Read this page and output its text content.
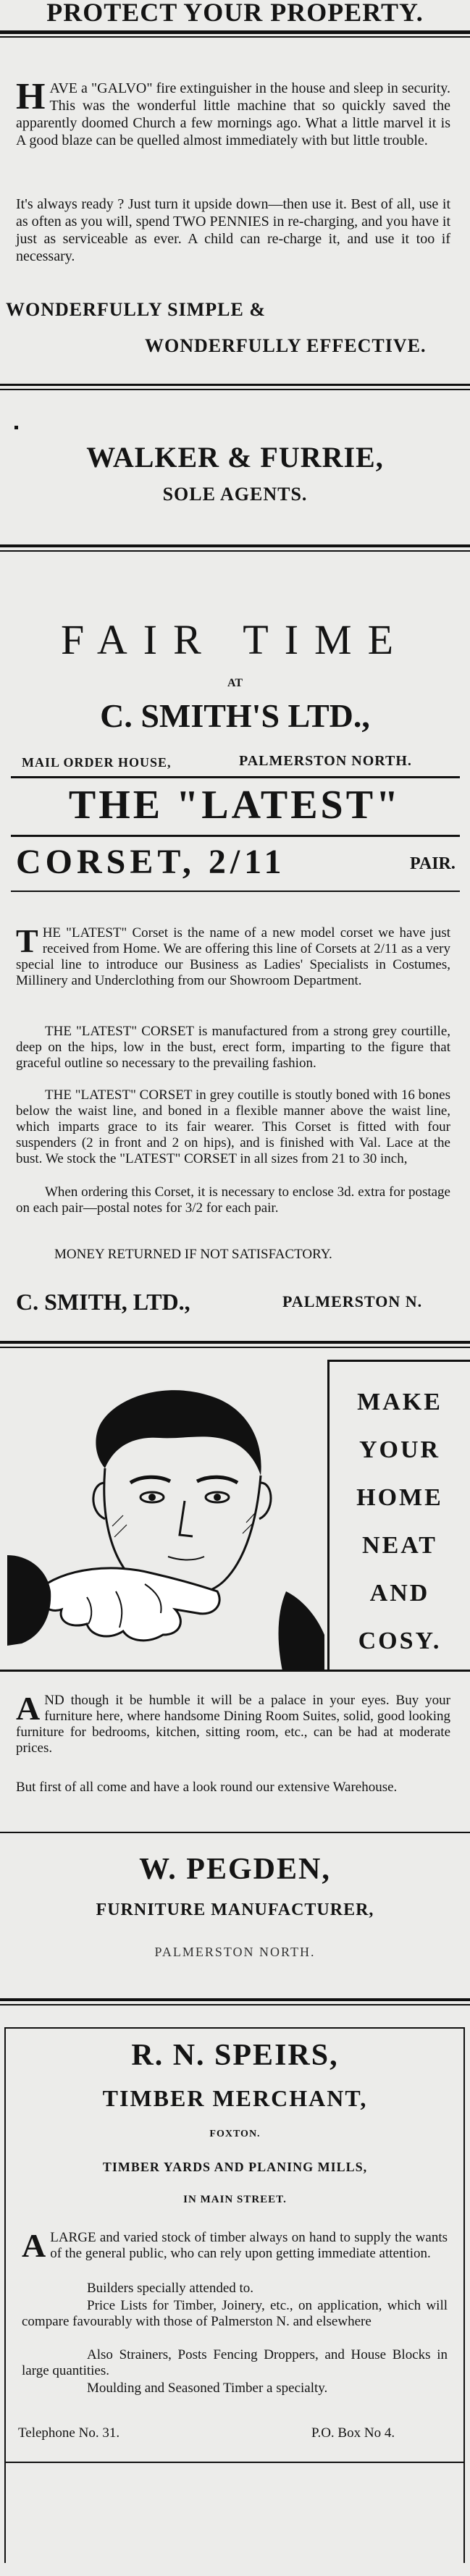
PROTECT YOUR PROPERTY.
HAVE a "GALVO" fire extinguisher in the house and sleep in security. This was the wonderful little machine that so quickly saved the apparently doomed Church a few mornings ago. What a little marvel it is A good blaze can be quelled almost immediately with but little trouble.
It's always ready ? Just turn it upside down—then use it. Best of all, use it as often as you will, spend TWO PENNIES in re-charging, and you have it just as serviceable as ever. A child can re-charge it, and use it too if necessary.
WONDERFULLY SIMPLE &
WONDERFULLY EFFECTIVE.
WALKER & FURRIE,
SOLE AGENTS.
FAIR TIME
AT
C. SMITH'S LTD.,
MAIL ORDER HOUSE,	PALMERSTON NORTH.
THE "LATEST"
CORSET, 2/11	PAIR.
THE "LATEST" Corset is the name of a new model corset we have just received from Home. We are offering this line of Corsets at 2/11 as a very special line to introduce our Business as Ladies' Specialists in Costumes, Millinery and Underclothing from our Showroom Department.
THE "LATEST" CORSET is manufactured from a strong grey courtille, deep on the hips, low in the bust, erect form, imparting to the figure that graceful outline so necessary to the prevailing fashion.
THE "LATEST" CORSET in grey coutille is stoutly boned with 16 bones below the waist line, and boned in a flexible manner above the waist line, which imparts grace to its fair wearer. This Corset is fitted with four suspenders (2 in front and 2 on hips), and is finished with Val. Lace at the bust. We stock the "LATEST" CORSET in all sizes from 21 to 30 inch,
When ordering this Corset, it is necessary to enclose 3d. extra for postage on each pair—postal notes for 3/2 for each pair.
MONEY RETURNED IF NOT SATISFACTORY.
C. SMITH, LTD.,	PALMERSTON N.
MAKE
YOUR
HOME
NEAT
AND
COSY.
AND though it be humble it will be a palace in your eyes. Buy your furniture here, where handsome Dining Room Suites, solid, good looking furniture for bedrooms, kitchen, sitting room, etc., can be had at moderate prices.
But first of all come and have a look round our extensive Warehouse.
W. PEGDEN,
FURNITURE MANUFACTURER,
PALMERSTON NORTH.
R. N. SPEIRS,
TIMBER MERCHANT,
FOXTON.
TIMBER YARDS AND PLANING MILLS,
IN MAIN STREET.
ALARGE and varied stock of timber always on hand to supply the wants of the general public, who can rely upon getting immediate attention.
Builders specially attended to.
Price Lists for Timber, Joinery, etc., on application, which will compare favourably with those of Palmerston N. and elsewhere
Also Strainers, Posts Fencing Droppers, and House Blocks in large quantities.
Moulding and Seasoned Timber a specialty.
Telephone No. 31.	P.O. Box No 4.
